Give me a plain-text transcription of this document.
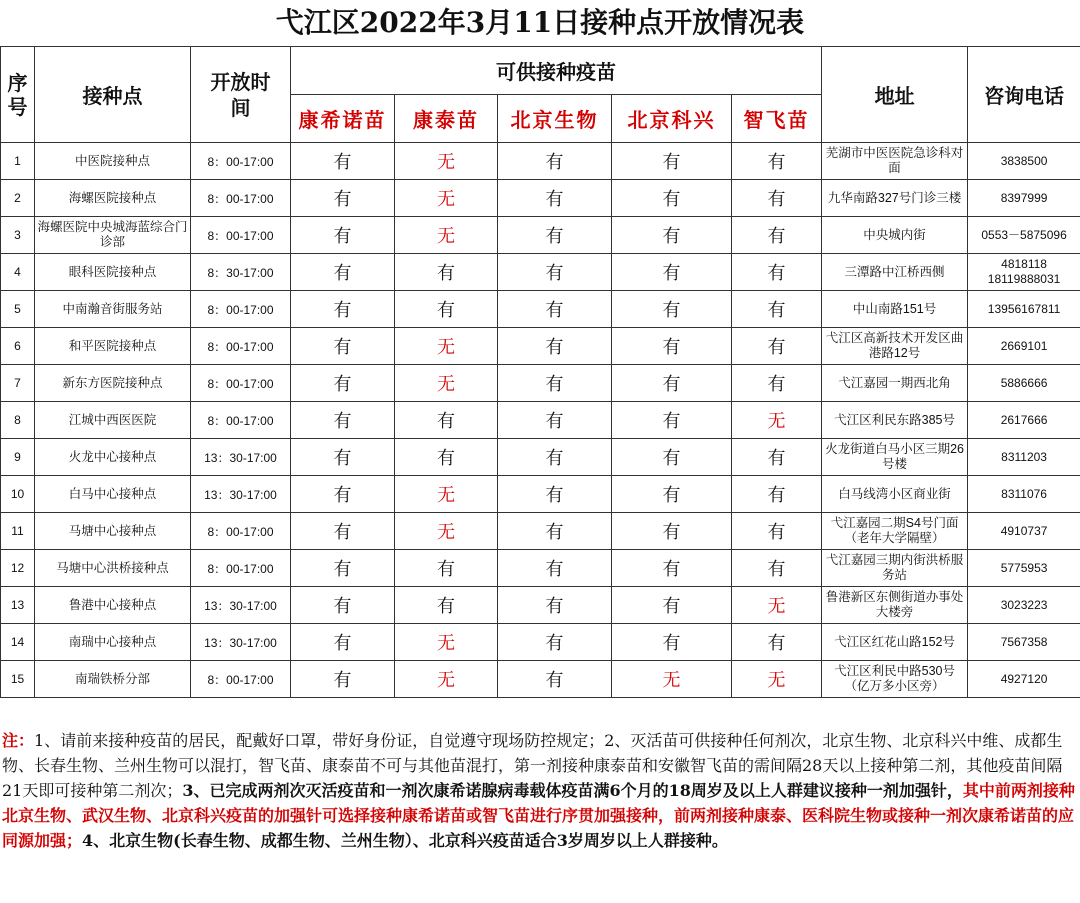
弋江区2022年3月11日接种点开放情况表
序号	接种点	开放时间	可供接种疫苗					地址	咨询电话
			康希诺苗	康泰苗	北京生物	北京科兴	智飞苗		
1	中医院接种点	8：00-17:00	有	无	有	有	有	芜湖市中医医院急诊科对面	3838500
2	海螺医院接种点	8：00-17:00	有	无	有	有	有	九华南路327号门诊三楼	8397999
3	海螺医院中央城海蓝综合门诊部	8：00-17:00	有	无	有	有	有	中央城内街	0553－5875096
4	眼科医院接种点	8：30-17:00	有	有	有	有	有	三潭路中江桥西侧	4818118
18119888031
5	中南瀚音街服务站	8：00-17:00	有	有	有	有	有	中山南路151号	13956167811
6	和平医院接种点	8：00-17:00	有	无	有	有	有	弋江区高新技术开发区曲港路12号	2669101
7	新东方医院接种点	8：00-17:00	有	无	有	有	有	弋江嘉园一期西北角	5886666
8	江城中西医医院	8：00-17:00	有	有	有	有	无	弋江区利民东路385号	2617666
9	火龙中心接种点	13：30-17:00	有	有	有	有	有	火龙街道白马小区三期26号楼	8311203
10	白马中心接种点	13：30-17:00	有	无	有	有	有	白马线湾小区商业街	8311076
11	马塘中心接种点	8：00-17:00	有	无	有	有	有	弋江嘉园二期S4号门面（老年大学隔壁）	4910737
12	马塘中心洪桥接种点	8：00-17:00	有	有	有	有	有	弋江嘉园三期内街洪桥服务站	5775953
13	鲁港中心接种点	13：30-17:00	有	有	有	有	无	鲁港新区东侧街道办事处大楼旁	3023223
14	南瑞中心接种点	13：30-17:00	有	无	有	有	有	弋江区红花山路152号	7567358
15	南瑞铁桥分部	8：00-17:00	有	无	有	无	无	弋江区利民中路530号（亿万多小区旁）	4927120
注：1、请前来接种疫苗的居民，配戴好口罩，带好身份证，自觉遵守现场防控规定；2、灭活苗可供接种任何剂次，北京生物、北京科兴中维、成都生物、长春生物、兰州生物可以混打，智飞苗、康泰苗不可与其他苗混打，第一剂接种康泰苗和安徽智飞苗的需间隔28天以上接种第二剂，其他疫苗间隔21天即可接种第二剂次；3、已完成两剂次灭活疫苗和一剂次康希诺腺病毒载体疫苗满6个月的18周岁及以上人群建议接种一剂加强针，其中前两剂接种北京生物、武汉生物、北京科兴疫苗的加强针可选择接种康希诺苗或智飞苗进行序贯加强接种，前两剂接种康泰、医科院生物或接种一剂次康希诺苗的应同源加强；4、北京生物(长春生物、成都生物、兰州生物）、北京科兴疫苗适合3岁周岁以上人群接种。
